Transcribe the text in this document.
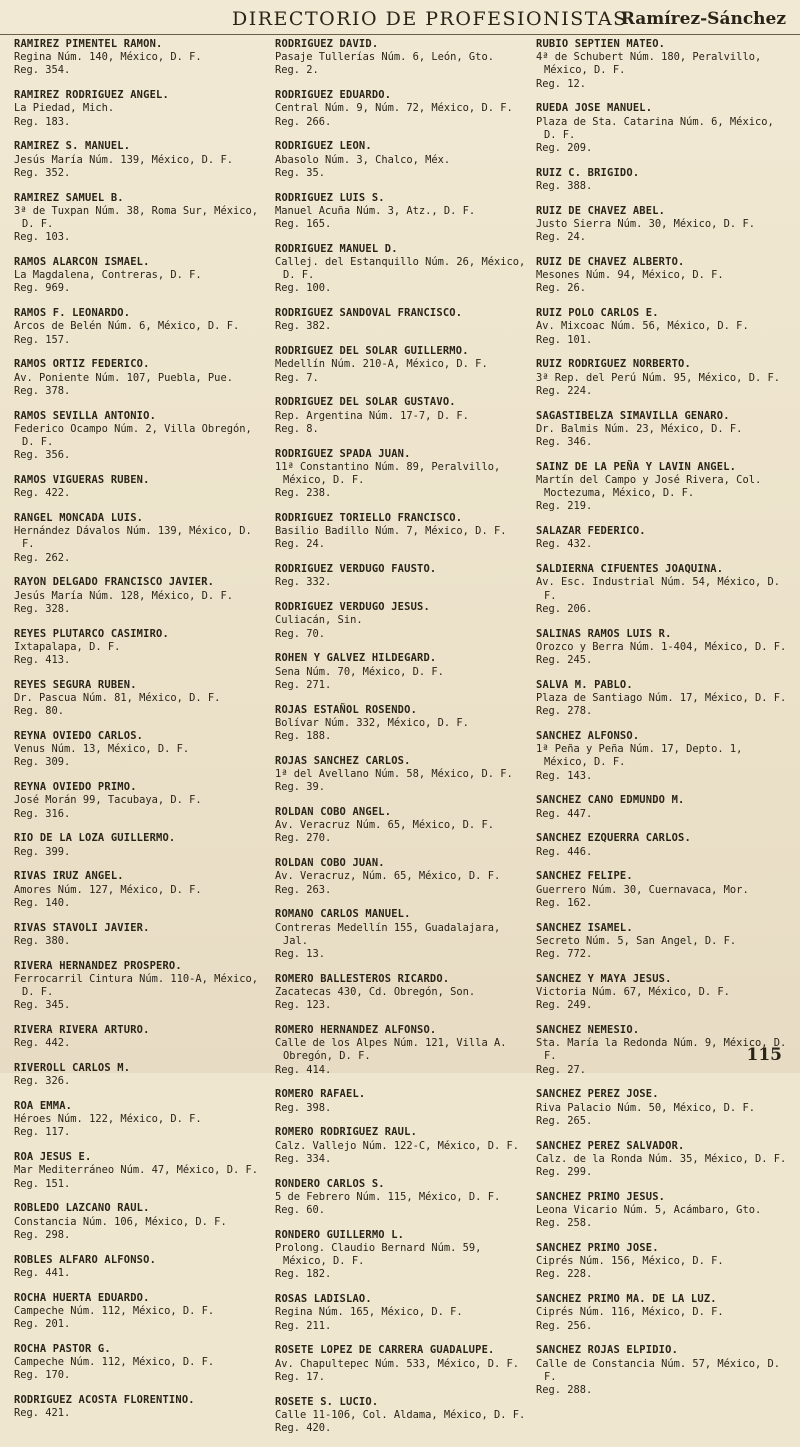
DIRECTORIO DE PROFESIONISTAS
Ramírez-Sánchez
RAMIREZ PIMENTEL RAMON.
Regina Núm. 140, México, D. F.
Reg. 354.
RAMIREZ RODRIGUEZ ANGEL.
La Piedad, Mich.
Reg. 183.
RAMIREZ S. MANUEL.
Jesús María Núm. 139, México, D. F.
Reg. 352.
RAMIREZ SAMUEL B.
3ª de Tuxpan Núm. 38, Roma Sur, México, D. F.
Reg. 103.
RAMOS ALARCON ISMAEL.
La Magdalena, Contreras, D. F.
Reg. 969.
RAMOS F. LEONARDO.
Arcos de Belén Núm. 6, México, D. F.
Reg. 157.
RAMOS ORTIZ FEDERICO.
Av. Poniente Núm. 107, Puebla, Pue.
Reg. 378.
RAMOS SEVILLA ANTONIO.
Federico Ocampo Núm. 2, Villa Obregón, D. F.
Reg. 356.
RAMOS VIGUERAS RUBEN.
Reg. 422.
RANGEL MONCADA LUIS.
Hernández Dávalos Núm. 139, México, D. F.
Reg. 262.
RAYON DELGADO FRANCISCO JAVIER.
Jesús María Núm. 128, México, D. F.
Reg. 328.
REYES PLUTARCO CASIMIRO.
Ixtapalapa, D. F.
Reg. 413.
REYES SEGURA RUBEN.
Dr. Pascua Núm. 81, México, D. F.
Reg. 80.
REYNA OVIEDO CARLOS.
Venus Núm. 13, México, D. F.
Reg. 309.
REYNA OVIEDO PRIMO.
José Morán 99, Tacubaya, D. F.
Reg. 316.
RIO DE LA LOZA GUILLERMO.
Reg. 399.
RIVAS IRUZ ANGEL.
Amores Núm. 127, México, D. F.
Reg. 140.
RIVAS STAVOLI JAVIER.
Reg. 380.
RIVERA HERNANDEZ PROSPERO.
Ferrocarril Cintura Núm. 110-A, México, D. F.
Reg. 345.
RIVERA RIVERA ARTURO.
Reg. 442.
RIVEROLL CARLOS M.
Reg. 326.
ROA EMMA.
Héroes Núm. 122, México, D. F.
Reg. 117.
ROA JESUS E.
Mar Mediterráneo Núm. 47, México, D. F.
Reg. 151.
ROBLEDO LAZCANO RAUL.
Constancia Núm. 106, México, D. F.
Reg. 298.
ROBLES ALFARO ALFONSO.
Reg. 441.
ROCHA HUERTA EDUARDO.
Campeche Núm. 112, México, D. F.
Reg. 201.
ROCHA PASTOR G.
Campeche Núm. 112, México, D. F.
Reg. 170.
RODRIGUEZ ACOSTA FLORENTINO.
Reg. 421.
RODRIGUEZ DAVID.
Pasaje Tullerías Núm. 6, León, Gto.
Reg. 2.
RODRIGUEZ EDUARDO.
Central Núm. 9, Núm. 72, México, D. F.
Reg. 266.
RODRIGUEZ LEON.
Abasolo Núm. 3, Chalco, Méx.
Reg. 35.
RODRIGUEZ LUIS S.
Manuel Acuña Núm. 3, Atz., D. F.
Reg. 165.
RODRIGUEZ MANUEL D.
Callej. del Estanquillo Núm. 26, México, D. F.
Reg. 100.
RODRIGUEZ SANDOVAL FRANCISCO.
Reg. 382.
RODRIGUEZ DEL SOLAR GUILLERMO.
Medellín Núm. 210-A, México, D. F.
Reg. 7.
RODRIGUEZ DEL SOLAR GUSTAVO.
Rep. Argentina Núm. 17-7, D. F.
Reg. 8.
RODRIGUEZ SPADA JUAN.
11ª Constantino Núm. 89, Peralvillo, México, D. F.
Reg. 238.
RODRIGUEZ TORIELLO FRANCISCO.
Basilio Badillo Núm. 7, México, D. F.
Reg. 24.
RODRIGUEZ VERDUGO FAUSTO.
Reg. 332.
RODRIGUEZ VERDUGO JESUS.
Culiacán, Sin.
Reg. 70.
ROHEN Y GALVEZ HILDEGARD.
Sena Núm. 70, México, D. F.
Reg. 271.
ROJAS ESTAÑOL ROSENDO.
Bolívar Núm. 332, México, D. F.
Reg. 188.
ROJAS SANCHEZ CARLOS.
1ª del Avellano Núm. 58, México, D. F.
Reg. 39.
ROLDAN COBO ANGEL.
Av. Veracruz Núm. 65, México, D. F.
Reg. 270.
ROLDAN COBO JUAN.
Av. Veracruz, Núm. 65, México, D. F.
Reg. 263.
ROMANO CARLOS MANUEL.
Contreras Medellín 155, Guadalajara, Jal.
Reg. 13.
ROMERO BALLESTEROS RICARDO.
Zacatecas 430, Cd. Obregón, Son.
Reg. 123.
ROMERO HERNANDEZ ALFONSO.
Calle de los Alpes Núm. 121, Villa A. Obregón, D. F.
Reg. 414.
ROMERO RAFAEL.
Reg. 398.
ROMERO RODRIGUEZ RAUL.
Calz. Vallejo Núm. 122-C, México, D. F.
Reg. 334.
RONDERO CARLOS S.
5 de Febrero Núm. 115, México, D. F.
Reg. 60.
RONDERO GUILLERMO L.
Prolong. Claudio Bernard Núm. 59, México, D. F.
Reg. 182.
ROSAS LADISLAO.
Regina Núm. 165, México, D. F.
Reg. 211.
ROSETE LOPEZ DE CARRERA GUADALUPE.
Av. Chapultepec Núm. 533, México, D. F.
Reg. 17.
ROSETE S. LUCIO.
Calle 11-106, Col. Aldama, México, D. F.
Reg. 420.
RUBIO SEPTIEN MATEO.
4ª de Schubert Núm. 180, Peralvillo, México, D. F.
Reg. 12.
RUEDA JOSE MANUEL.
Plaza de Sta. Catarina Núm. 6, México, D. F.
Reg. 209.
RUIZ C. BRIGIDO.
Reg. 388.
RUIZ DE CHAVEZ ABEL.
Justo Sierra Núm. 30, México, D. F.
Reg. 24.
RUIZ DE CHAVEZ ALBERTO.
Mesones Núm. 94, México, D. F.
Reg. 26.
RUIZ POLO CARLOS E.
Av. Mixcoac Núm. 56, México, D. F.
Reg. 101.
RUIZ RODRIGUEZ NORBERTO.
3ª Rep. del Perú Núm. 95, México, D. F.
Reg. 224.
SAGASTIBELZA SIMAVILLA GENARO.
Dr. Balmis Núm. 23, México, D. F.
Reg. 346.
SAINZ DE LA PEÑA Y LAVIN ANGEL.
Martín del Campo y José Rivera, Col. Moctezuma, México, D. F.
Reg. 219.
SALAZAR FEDERICO.
Reg. 432.
SALDIERNA CIFUENTES JOAQUINA.
Av. Esc. Industrial Núm. 54, México, D. F.
Reg. 206.
SALINAS RAMOS LUIS R.
Orozco y Berra Núm. 1-404, México, D. F.
Reg. 245.
SALVA M. PABLO.
Plaza de Santiago Núm. 17, México, D. F.
Reg. 278.
SANCHEZ ALFONSO.
1ª Peña y Peña Núm. 17, Depto. 1, México, D. F.
Reg. 143.
SANCHEZ CANO EDMUNDO M.
Reg. 447.
SANCHEZ EZQUERRA CARLOS.
Reg. 446.
SANCHEZ FELIPE.
Guerrero Núm. 30, Cuernavaca, Mor.
Reg. 162.
SANCHEZ ISAMEL.
Secreto Núm. 5, San Angel, D. F.
Reg. 772.
SANCHEZ Y MAYA JESUS.
Victoria Núm. 67, México, D. F.
Reg. 249.
SANCHEZ NEMESIO.
Sta. María la Redonda Núm. 9, México, D. F.
Reg. 27.
SANCHEZ PEREZ JOSE.
Riva Palacio Núm. 50, México, D. F.
Reg. 265.
SANCHEZ PEREZ SALVADOR.
Calz. de la Ronda Núm. 35, México, D. F.
Reg. 299.
SANCHEZ PRIMO JESUS.
Leona Vicario Núm. 5, Acámbaro, Gto.
Reg. 258.
SANCHEZ PRIMO JOSE.
Ciprés Núm. 156, México, D. F.
Reg. 228.
SANCHEZ PRIMO MA. DE LA LUZ.
Ciprés Núm. 116, México, D. F.
Reg. 256.
SANCHEZ ROJAS ELPIDIO.
Calle de Constancia Núm. 57, México, D. F.
Reg. 288.
115
